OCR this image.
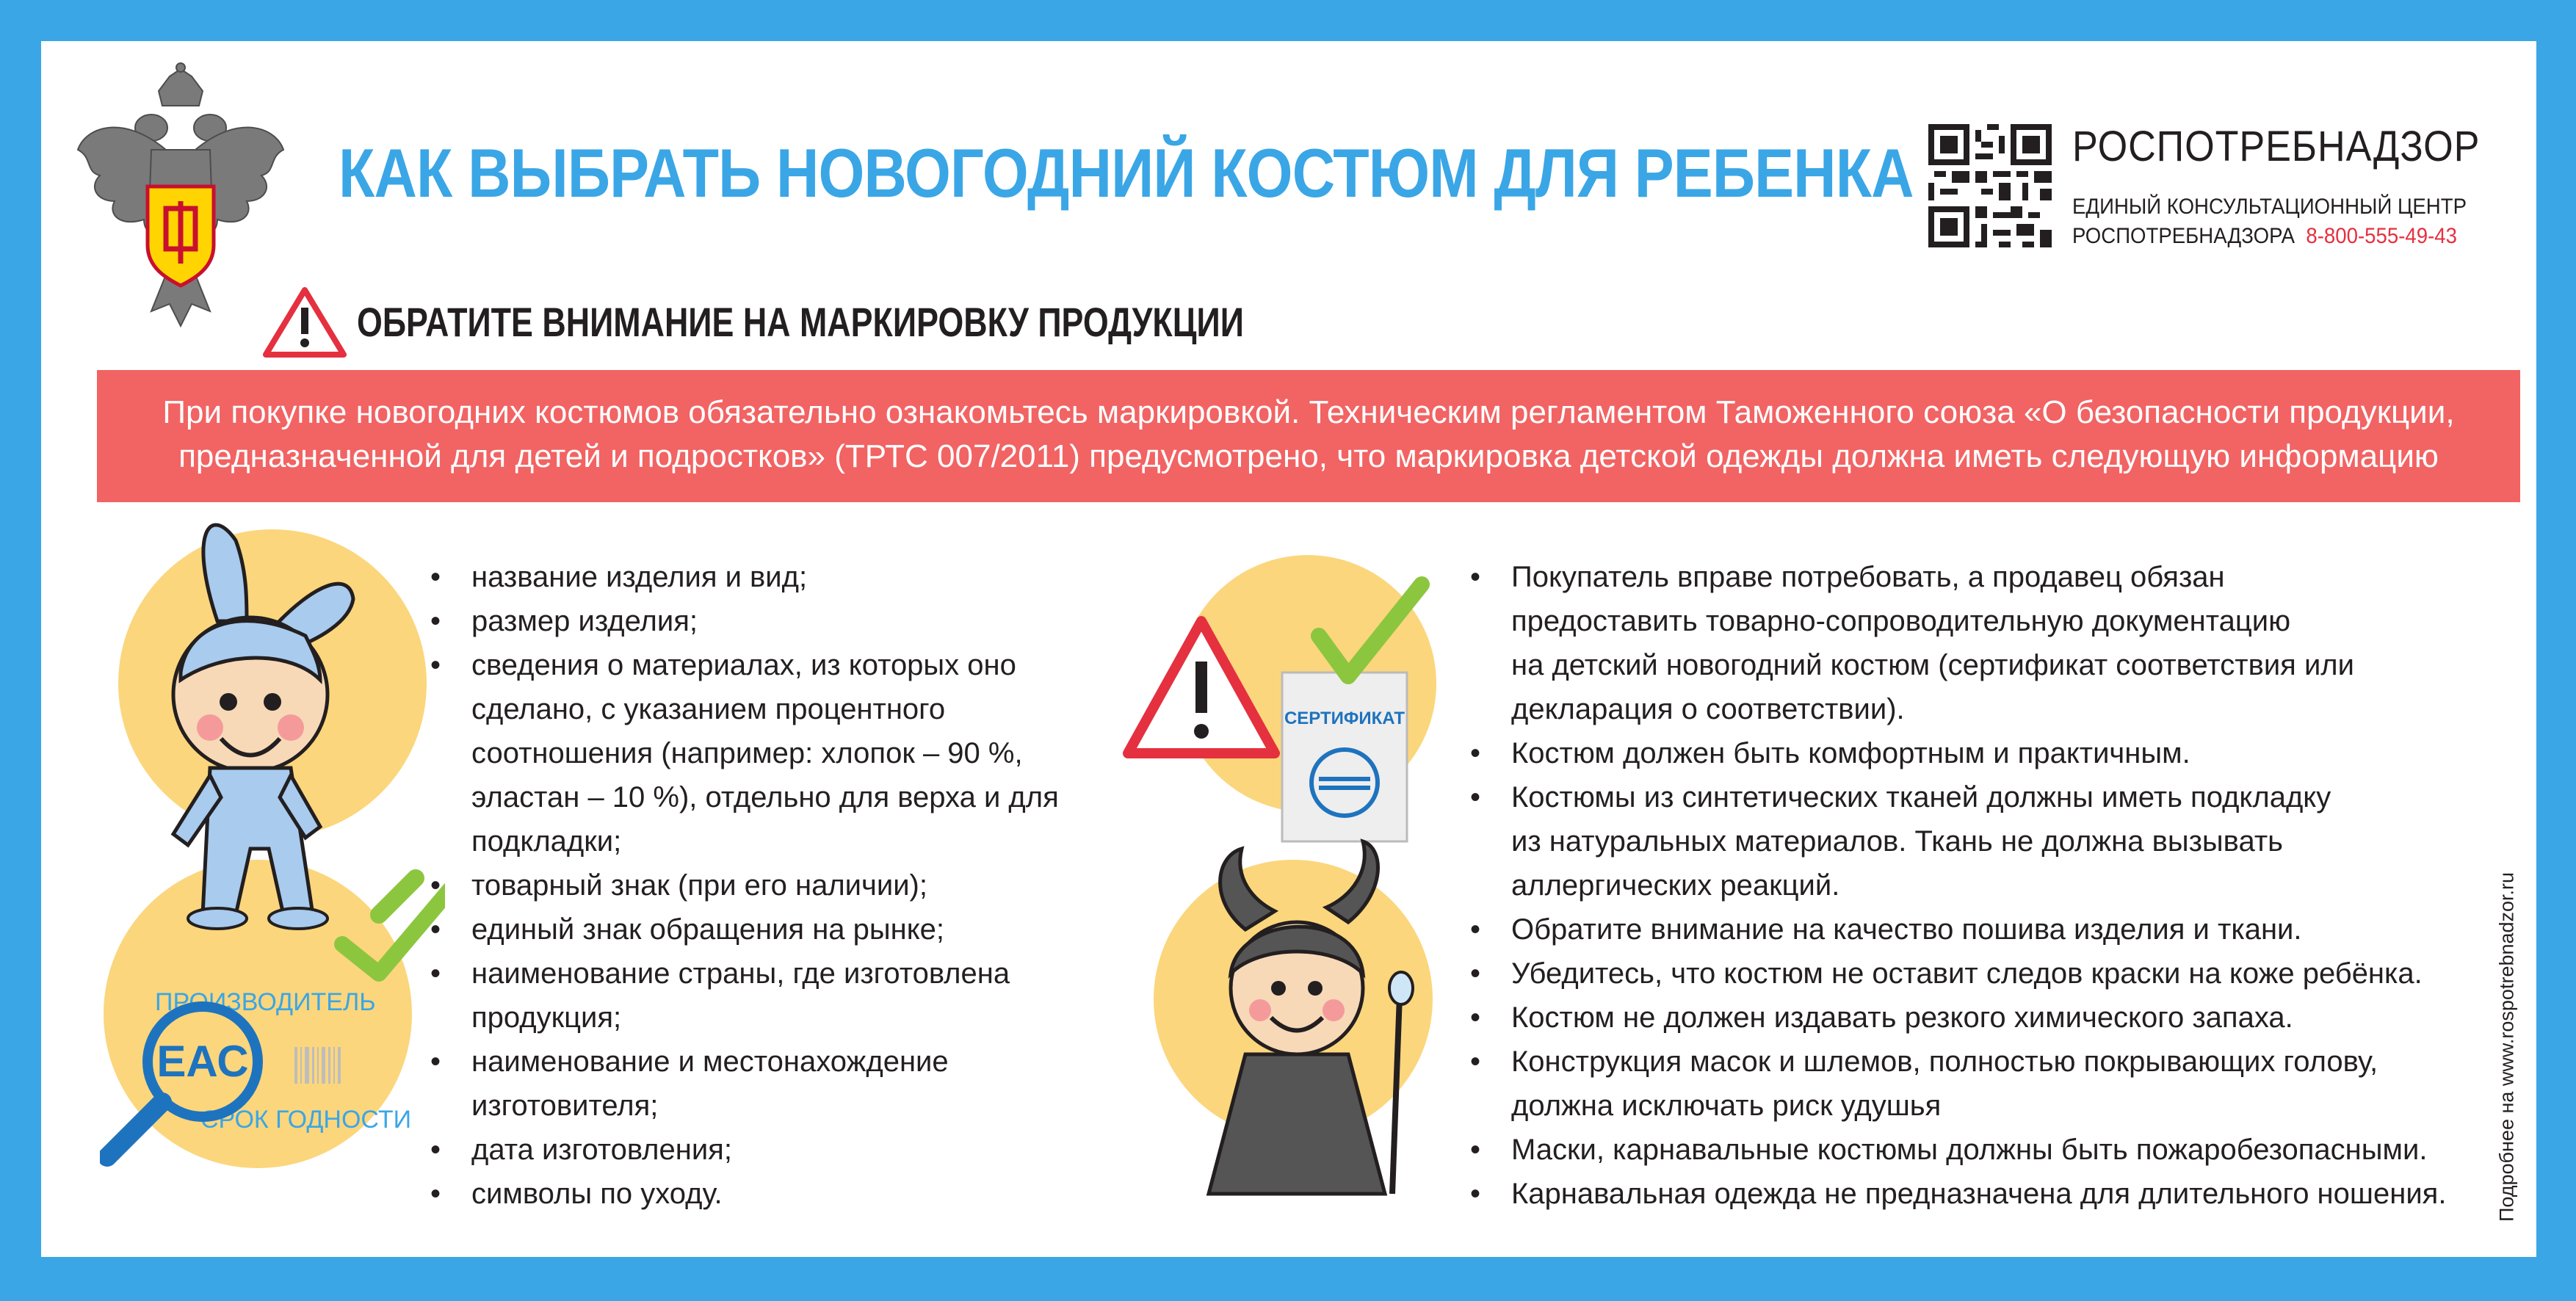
КАК ВЫБРАТЬ НОВОГОДНИЙ КОСТЮМ ДЛЯ РЕБЕНКА	РОСПОТРЕБНАДЗОР
ЕДИНЫЙ КОНСУЛЬТАЦИОННЫЙ ЦЕНТР
РОСПОТРЕБНАДЗОРА 8-800-555-49-43
ОБРАТИТЕ ВНИМАНИЕ НА МАРКИРОВКУ ПРОДУКЦИИ
При покупке новогодних костюмов обязательно ознакомьтесь маркировкой. Техническим регламентом Таможенного союза «О безопасности продукции,
предназначенной для детей и подростков» (ТРТС 007/2011) предусмотрено, что маркировка детской одежды должна иметь следующую информацию
ПРОИЗВОДИТЕЛЬ
СРОК ГОДНОСТИ
ЕАС
СЕРТИФИКАТ
• название изделия и вид;
• размер изделия;
• сведения о материалах, из которых оно
сделано, с указанием процентного
соотношения (например: хлопок – 90 %,
эластан – 10 %), отдельно для верха и для
подкладки;
• товарный знак (при его наличии);
• единый знак обращения на рынке;
• наименование страны, где изготовлена
продукция;
• наименование и местонахождение
изготовителя;
• дата изготовления;
• символы по уходу.
• Покупатель вправе потребовать, а продавец обязан
предоставить товарно-сопроводительную документацию
на детский новогодний костюм (сертификат соответствия или
декларация о соответствии).
• Костюм должен быть комфортным и практичным.
• Костюмы из синтетических тканей должны иметь подкладку
из натуральных материалов. Ткань не должна вызывать
аллергических реакций.
• Обратите внимание на качество пошива изделия и ткани.
• Убедитесь, что костюм не оставит следов краски на коже ребёнка.
• Костюм не должен издавать резкого химического запаха.
• Конструкция масок и шлемов, полностью покрывающих голову,
должна исключать риск удушья
• Маски, карнавальные костюмы должны быть пожаробезопасными.
• Карнавальная одежда не предназначена для длительного ношения.	Подробнее на www.rospotrebnadzor.ru
